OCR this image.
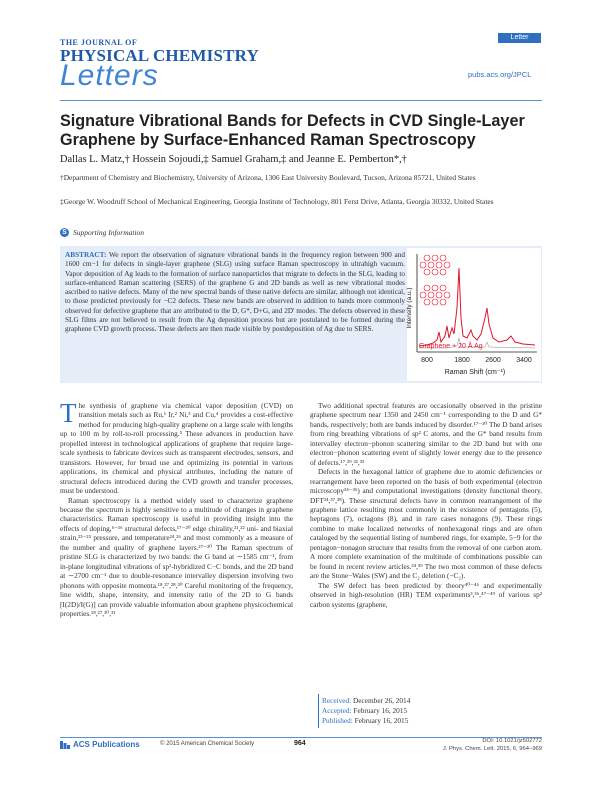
THE JOURNAL OF
PHYSICAL CHEMISTRY
Letters
Letter
pubs.acs.org/JPCL
Signature Vibrational Bands for Defects in CVD Single-Layer Graphene by Surface-Enhanced Raman Spectroscopy
Dallas L. Matz,† Hossein Sojoudi,‡ Samuel Graham,‡ and Jeanne E. Pemberton*,†
†Department of Chemistry and Biochemistry, University of Arizona, 1306 East University Boulevard, Tucson, Arizona 85721, United States
‡George W. Woodruff School of Mechanical Engineering, Georgia Institute of Technology, 801 Ferst Drive, Atlanta, Georgia 30332, United States
S Supporting Information
ABSTRACT: We report the observation of signature vibrational bands in the frequency region between 900 and 1600 cm−1 for defects in single-layer graphene (SLG) using surface Raman spectroscopy in ultrahigh vacuum. Vapor deposition of Ag leads to the formation of surface nanoparticles that migrate to defects in the SLG, leading to surface-enhanced Raman scattering (SERS) of the graphene G and 2D bands as well as new vibrational modes ascribed to native defects. Many of the new spectral bands of these native defects are similar, although not identical, to those predicted previously for −C2 defects. These new bands are observed in addition to bands more commonly observed for defective graphene that are attributed to the D, G*, D+G, and 2D' modes. The defects observed in these SLG films are not believed to result from the Ag deposition process but are postulated to be formed during the graphene CVD growth process. These defects are then made visible by postdeposition of Ag due to SERS.
Intensity (a.u.)
Graphene + 20 Å Ag
800	1800 2600 3400
Raman Shift (cm⁻¹)

The synthesis of graphene via chemical vapor deposition (CVD) on transition metals such as Ru,¹ Ir,² Ni,³ and Cu,⁴ provides a cost-effective method for producing high-quality graphene on a large scale with lengths up to 100 m by roll-to-roll processing.⁵ These advances in production have propelled interest in technological applications of graphene that require large-scale synthesis to fabricate devices such as transparent electrodes, sensors, and transistors. However, for broad use and optimizing its potential in various applications, its chemical and physical attributes, including the nature of structural defects introduced during the CVD growth and transfer processes, must be understood.

Raman spectroscopy is a method widely used to characterize graphene because the spectrum is highly sensitive to a multitude of changes in graphene characteristics. Raman spectroscopy is useful in providing insight into the effects of doping,⁶⁻¹⁶ structural defects,¹⁷⁻²⁰ edge chirality,²¹,²² uni- and biaxial strain,²³⁻²⁵ pressure, and temperature²⁴,²⁶ and most commonly as a measure of the number and quality of graphene layers.²⁷⁻³⁰ The Raman spectrum of pristine SLG is characterized by two bands: the G band at ∼1585 cm⁻¹, from in-plane longitudinal vibrations of sp²-hybridized C−C bonds, and the 2D band at ∼2700 cm⁻¹ due to double-resonance intervalley dispersion involving two phonons with opposite momenta.¹⁸,²⁷,²⁸,³⁰ Careful monitoring of the frequency, line width, shape, intensity, and intensity ratio of the 2D to G bands [I(2D)/I(G)] can provide valuable information about graphene physicochemical properties.¹⁸,²⁷,³⁰,³¹

Two additional spectral features are occasionally observed in the pristine graphene spectrum near 1350 and 2450 cm⁻¹ corresponding to the D and G* bands, respectively; both are bands induced by disorder.¹⁷⁻²⁰ The D band arises from ring breathing vibrations of sp² C atoms, and the G* band results from intervalley electron−phonon scattering similar to the 2D band but with one electron−phonon scattering event of slightly lower energy due to the presence of defects.¹⁷,²⁹,³²,³³

Defects in the hexagonal lattice of graphene due to atomic deficiencies or rearrangement have been reported on the basis of both experimental (electron microscopy³⁴⁻³⁶) and computational investigations (density functional theory, DFT³⁴,³⁷,³⁸). These structural defects have in common rearrangement of the graphene lattice resulting most commonly in the existence of pentagons (5), heptagons (7), octagons (8), and in rare cases nonagons (9). These rings combine to make localized networks of nonhexagonal rings and are often cataloged by the sequential listing of numbered rings, for example, 5−9 for the pentagon−nonagon structure that results from the removal of one carbon atom. A more complete examination of the multitude of combinations possible can be found in recent review articles.³⁴,³⁹ The two most common of these defects are the Stone−Wales (SW) and the C₂ deletion (−C₂).

The SW defect has been predicted by theory⁴⁰⁻⁴⁶ and experimentally observed in high-resolution (HR) TEM experiments³,³⁶,⁴⁷⁻⁴⁹ of various sp² carbon systems (graphene,

Received: December 26, 2014
Accepted: February 16, 2015
Published: February 16, 2015
ACS Publications	© 2015 American Chemical Society	964	DOI: 10.1021/jz502772
J. Phys. Chem. Lett. 2015, 6, 964−969
